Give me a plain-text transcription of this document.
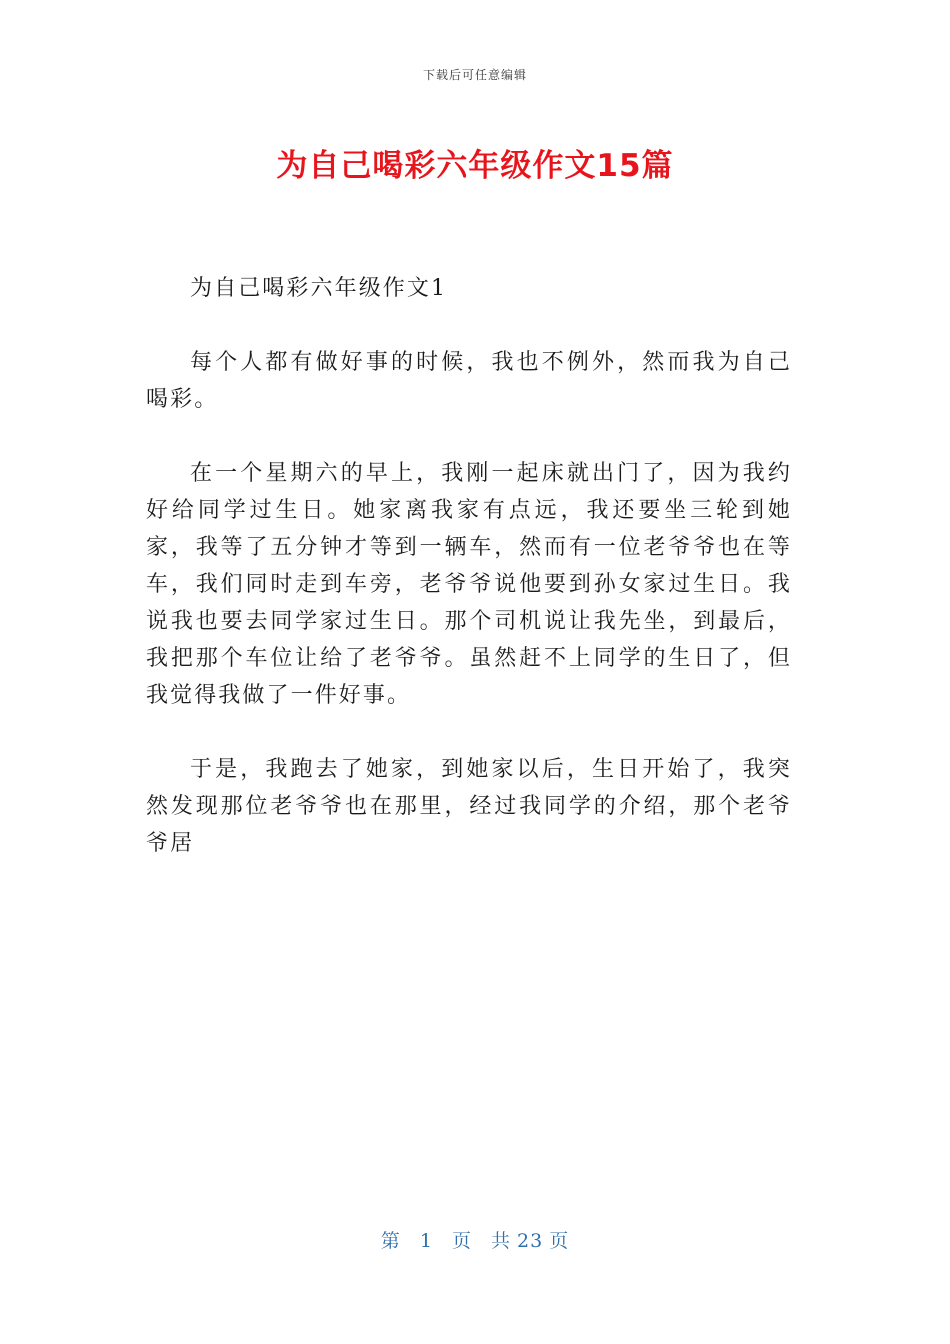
下载后可任意编辑
为自己喝彩六年级作文15篇

为自己喝彩六年级作文1

每个人都有做好事的时候，我也不例外，然而我为自己喝彩。

在一个星期六的早上，我刚一起床就出门了，因为我约好给同学过生日。她家离我家有点远，我还要坐三轮到她家，我等了五分钟才等到一辆车，然而有一位老爷爷也在等车，我们同时走到车旁，老爷爷说他要到孙女家过生日。我说我也要去同学家过生日。那个司机说让我先坐，到最后，我把那个车位让给了老爷爷。虽然赶不上同学的生日了，但我觉得我做了一件好事。

于是，我跑去了她家，到她家以后，生日开始了，我突然发现那位老爷爷也在那里，经过我同学的介绍，那个老爷爷居

第 1 页 共 23 页
